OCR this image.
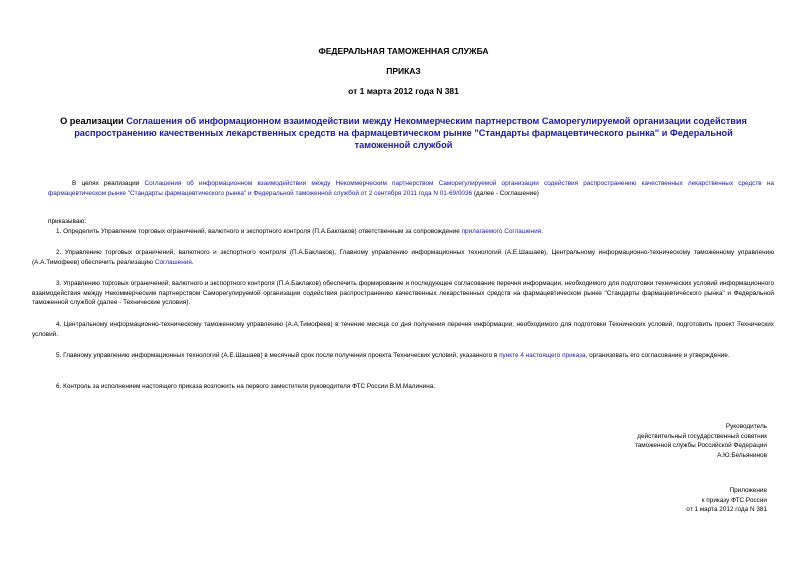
ФЕДЕРАЛЬНАЯ ТАМОЖЕННАЯ СЛУЖБА
ПРИКАЗ
от 1 марта 2012 года N 381
О реализации Соглашения об информационном взаимодействии между Некоммерческим партнерством Саморегулируемой организации содействия распространению качественных лекарственных средств на фармацевтическом рынке "Стандарты фармацевтического рынка" и Федеральной таможенной службой
В целях реализации Соглашения об информационном взаимодействии между Некоммерческим партнерством Саморегулируемой организации содействия распространению качественных лекарственных средств на фармацевтическом рынке "Стандарты фармацевтического рынка" и Федеральной таможенной службой от 2 сентября 2011 года N 01-69/0036 (далее - Соглашение)
приказываю:
1. Определить Управление торговых ограничений, валютного и экспортного контроля (П.А.Баклаков) ответственным за сопровождение прилагаемого Соглашения.
2. Управлению торговых ограничений, валютного и экспортного контроля (П.А.Баклаков), Главному управлению информационных технологий (А.Е.Шашаев), Центральному информационно-техническому таможенному управлению (А.А.Тимофеев) обеспечить реализацию Соглашения.
3. Управлению торговых ограничений, валютного и экспортного контроля (П.А.Баклаков) обеспечить формирование и последующее согласование перечня информации, необходимого для подготовки технических условий информационного взаимодействия между Некоммерческим партнерством Саморегулируемой организации содействия распространению качественных лекарственных средств на фармацевтическом рынке "Стандарты фармацевтического рынка" и Федеральной таможенной службой (далее - Технические условия).
4. Центральному информационно-техническому таможенному управлению (А.А.Тимофеев) в течение месяца со дня получения перечня информации, необходимого для подготовки Технических условий, подготовить проект Технических условий.
5. Главному управлению информационных технологий (А.Е.Шашаев) в месячный срок после получения проекта Технических условий, указанного в пункте 4 настоящего приказа, организовать его согласование и утверждение.
6. Контроль за исполнением настоящего приказа возложить на первого заместителя руководителя ФТС России В.М.Малинина.
Руководитель
действительный государственный советник
таможенной службы Российской Федерации
А.Ю.Бельянинов
Приложение
к приказу ФТС России
от 1 марта 2012 года N 381
